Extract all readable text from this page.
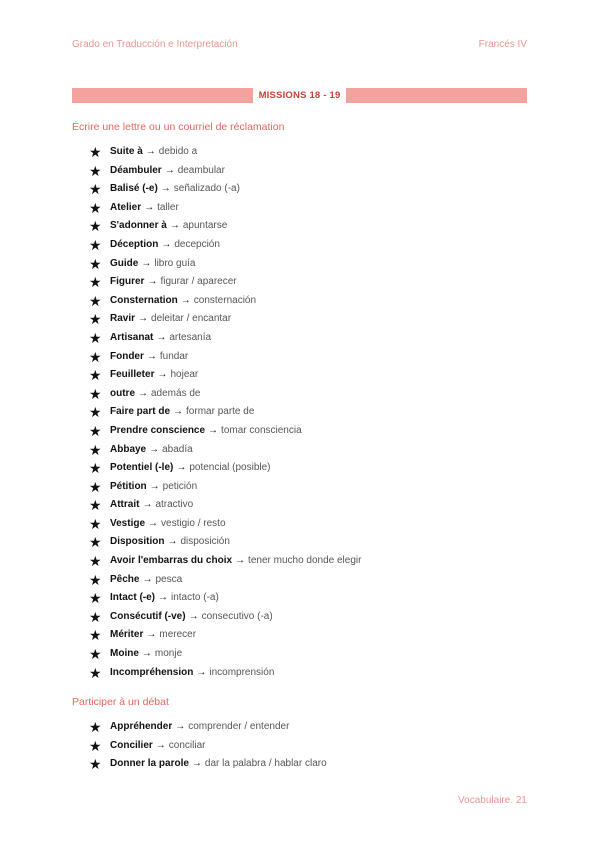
Grado en Traducción e Interpretación	Francés IV
MISSIONS 18 - 19
Écrire une lettre ou un courriel de réclamation
★Suite à → debido a
★Déambuler → deambular
★Balisé (-e) → señalizado (-a)
★Atelier → taller
★S'adonner à → apuntarse
★Déception → decepción
★Guide → libro guía
★Figurer → figurar / aparecer
★Consternation → consternación
★Ravir → deleitar / encantar
★Artisanat → artesanía
★Fonder → fundar
★Feuilleter → hojear
★outre → además de
★Faire part de → formar parte de
★Prendre conscience → tomar consciencia
★Abbaye → abadía
★Potentiel (-le) → potencial (posible)
★Pétition → petición
★Attrait → atractivo
★Vestige → vestigio / resto
★Disposition → disposición
★Avoir l'embarras du choix → tener mucho donde elegir
★Pêche → pesca
★Intact (-e) → intacto (-a)
★Consécutif (-ve) → consecutivo (-a)
★Mériter → merecer
★Moine → monje
★Incompréhension → incomprensión
Participer à un débat
★Appréhender → comprender / entender
★Concilier → conciliar
★Donner la parole → dar la palabra / hablar claro
Vocabulaire. 21
